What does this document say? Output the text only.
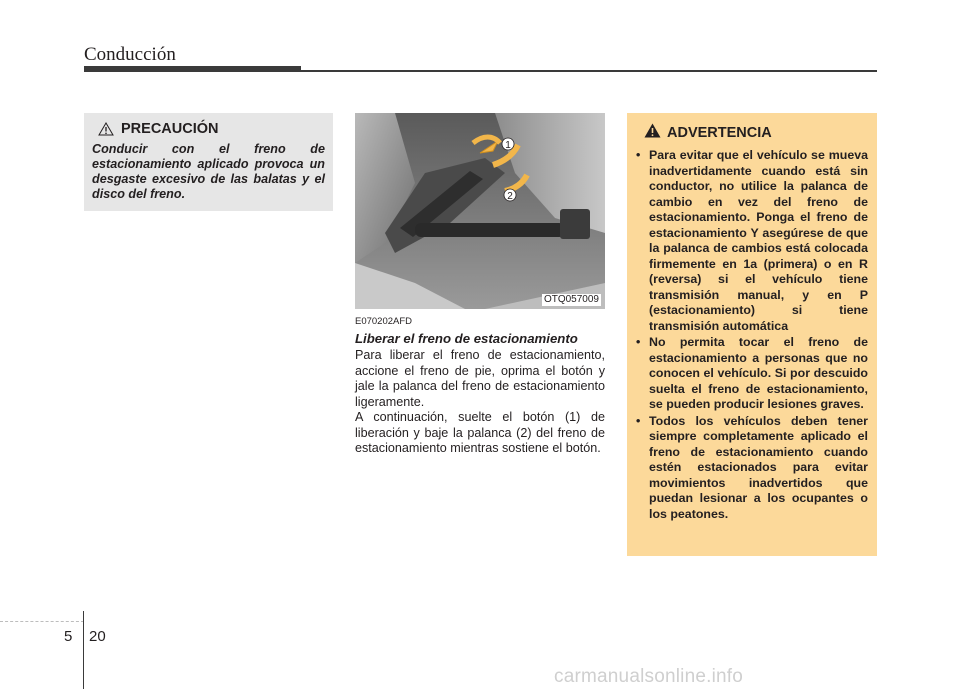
Conducción
PRECAUCIÓN
Conducir con el freno de estacionamiento aplicado provoca un desgaste excesivo de las balatas y el disco del freno.
1
2
OTQ057009
E070202AFD
Liberar el freno de estacionamiento

Para liberar el freno de estacionamiento, accione el freno de pie, oprima el botón y jale la palanca del freno de estacionamiento ligeramente.

A continuación, suelte el botón (1) de liberación y baje la palanca (2) del freno de estacionamiento mientras sostiene el botón.

ADVERTENCIA
• Para evitar que el vehículo se mueva inadvertidamente cuando está sin conductor, no utilice la palanca de cambio en vez del freno de estacionamiento. Ponga el freno de estacionamiento Y asegúrese de que la palanca de cambios está colocada firmemente en 1a (primera) o en R (reversa) si el vehículo tiene transmisión manual, y en P (estacionamiento) si tiene transmisión automática
• No permita tocar el freno de estacionamiento a personas que no conocen el vehículo. Si por descuido suelta el freno de estacionamiento, se pueden producir lesiones graves.
• Todos los vehículos deben tener siempre completamente aplicado el freno de estacionamiento cuando estén estacionados para evitar movimientos inadvertidos que puedan lesionar a los ocupantes o los peatones.
5 20
carmanualsonline.info
